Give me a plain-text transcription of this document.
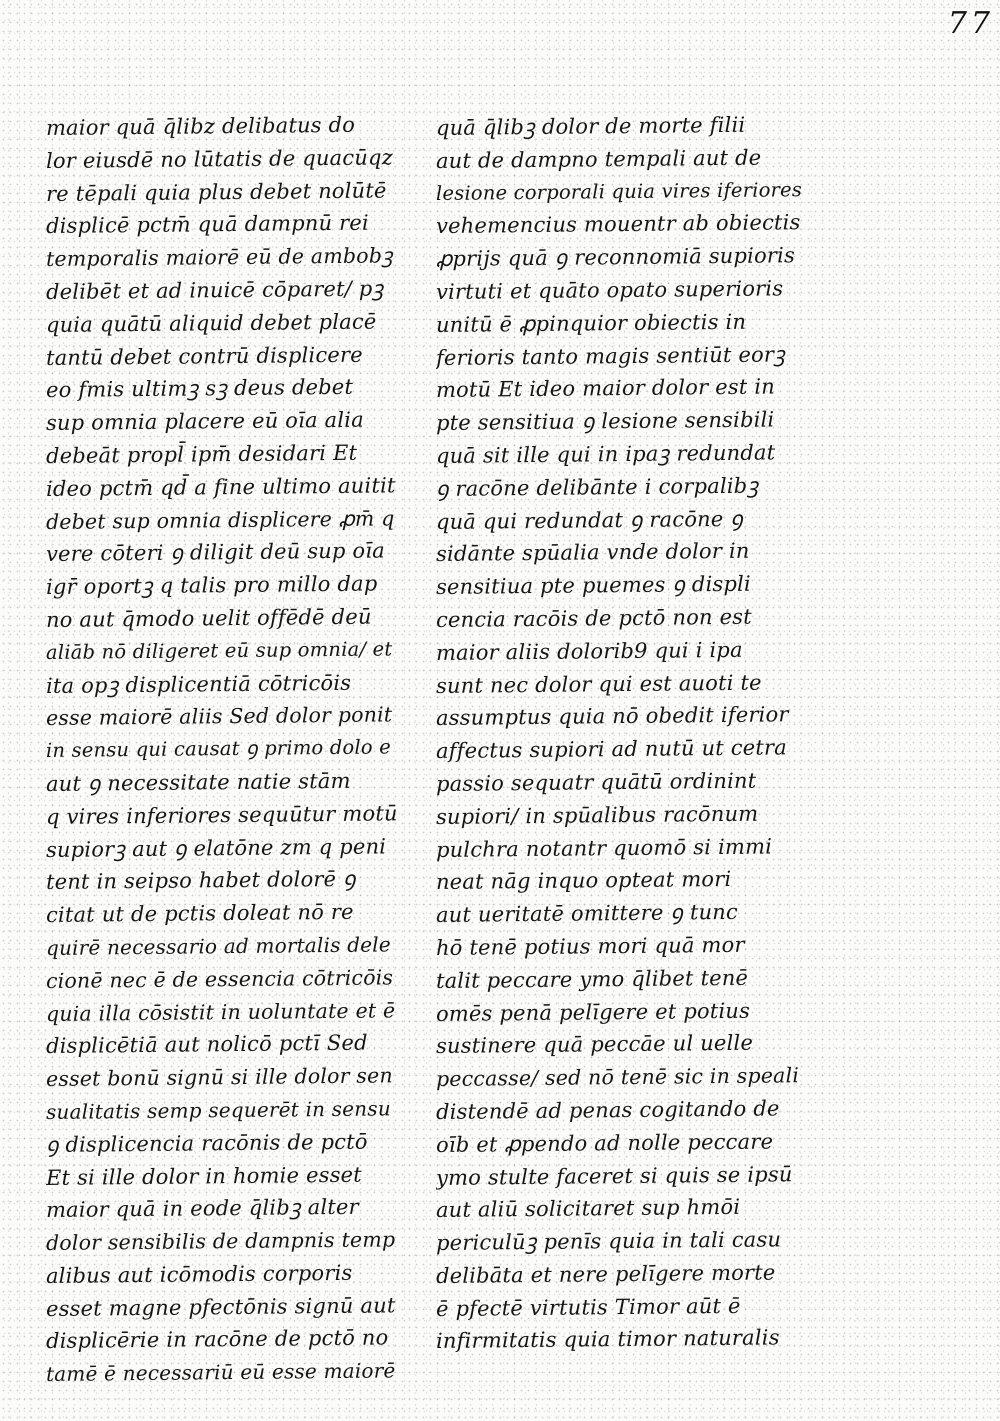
77
maior quā q̄libz delibatus do
lor eiusdē no lūtatis de quacūqz
re tēpali quia plus debet nolūtē
displicē pctm̄ quā dampnū rei
temporalis maiorē eū de ambobꝫ
delibēt et ad inuicē cōparet/ pꝫ
quia quātū aliquid debet placē
tantū debet contrū displicere
eo fmis ultimꝫ sꝫ deus debet
sup omnia placere eū oīa alia
debeāt propl̄ ipm̄ desidari Et
ideo pctm̄ qd̄ a fine ultimo auitit
debet sup omnia displicere ꝓm̄ q
vere cōteri ꝯ diligit deū sup oīa
igr̄ oportꝫ q talis pro millo dap
no aut q̄modo uelit offēdē deū
aliāb nō diligeret eū sup omnia/ et
ita opꝫ displicentiā cōtricōis
esse maiorē aliis Sed dolor ponit
in sensu qui causat ꝯ primo dolo e
aut ꝯ necessitate natie stām
q vires inferiores sequūtur motū
supiorꝫ aut ꝯ elatōne zm q peni
tent in seipso habet dolorē ꝯ
citat ut de pctis doleat nō re
quirē necessario ad mortalis dele
cionē nec ē de essencia cōtricōis
quia illa cōsistit in uoluntate et ē
displicētiā aut nolicō pctī Sed
esset bonū signū si ille dolor sen
sualitatis semp sequerēt in sensu
ꝯ displicencia racōnis de pctō
Et si ille dolor in homie esset
maior quā in eode q̄libꝫ alter
dolor sensibilis de dampnis temp
alibus aut icōmodis corporis
esset magne pfectōnis signū aut
displicērie in racōne de pctō no
tamē ē necessariū eū esse maiorē
quā q̄libꝫ dolor de morte filii
aut de dampno tempali aut de
lesione corporali quia vires iferiores
vehemencius mouentr ab obiectis
ꝓprijs quā ꝯ reconnomiā supioris
virtuti et quāto opato superioris
unitū ē ꝓpinquior obiectis in
ferioris tanto magis sentiūt eorꝫ
motū Et ideo maior dolor est in
pte sensitiua ꝯ lesione sensibili
quā sit ille qui in ipaꝫ redundat
ꝯ racōne delibānte i corpalibꝫ
quā qui redundat ꝯ racōne ꝯ
sidānte spūalia vnde dolor in
sensitiua pte puemes ꝯ displi
cencia racōis de pctō non est
maior aliis dolorib9 qui i ipa
sunt nec dolor qui est auoti te
assumptus quia nō obedit iferior
affectus supiori ad nutū ut cetra
passio sequatr quātū ordinint
supiori/ in spūalibus racōnum
pulchra notantr quomō si immi
neat nāg inquo opteat mori
aut ueritatē omittere ꝯ tunc
hō tenē potius mori quā mor
talit peccare ymo q̄libet tenē
omēs penā pelīgere et potius
sustinere quā peccāe ul uelle
peccasse/ sed nō tenē sic in speali
distendē ad penas cogitando de
oīb et ꝓpendo ad nolle peccare
ymo stulte faceret si quis se ipsū
aut aliū solicitaret sup hmōi
periculūꝫ penīs quia in tali casu
delibāta et nere pelīgere morte
ē pfectē virtutis Timor aūt ē
infirmitatis quia timor naturalis
